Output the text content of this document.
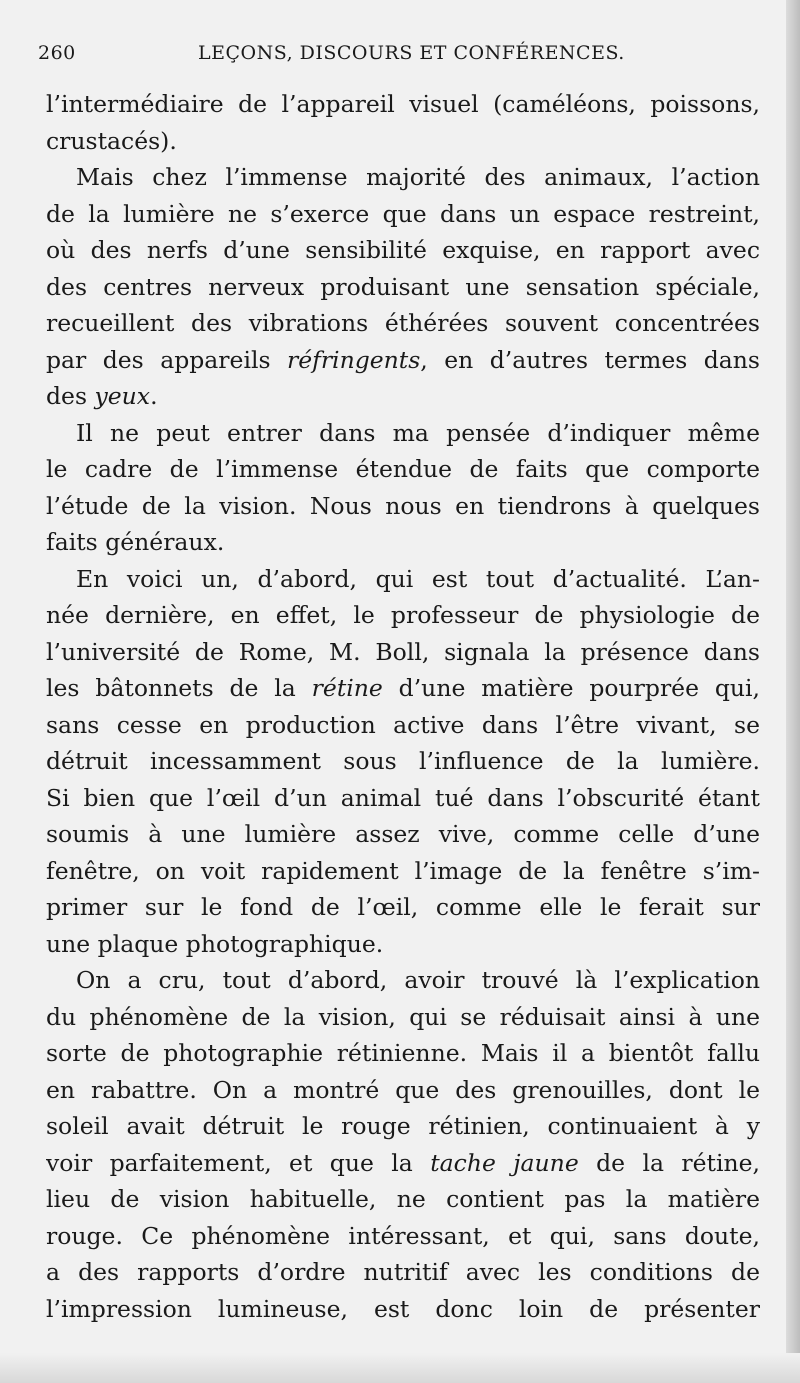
260	LEÇONS, DISCOURS ET CONFÉRENCES.
l’intermédiaire de l’appareil visuel (caméléons, poissons,
crustacés).
Mais chez l’immense majorité des animaux, l’action
de la lumière ne s’exerce que dans un espace restreint,
où des nerfs d’une sensibilité exquise, en rapport avec
des centres nerveux produisant une sensation spéciale,
recueillent des vibrations éthérées souvent concentrées
par des appareils réfringents, en d’autres termes dans
des yeux.
Il ne peut entrer dans ma pensée d’indiquer même
le cadre de l’immense étendue de faits que comporte
l’étude de la vision. Nous nous en tiendrons à quelques
faits généraux.
En voici un, d’abord, qui est tout d’actualité. L’an-
née dernière, en effet, le professeur de physiologie de
l’université de Rome, M. Boll, signala la présence dans
les bâtonnets de la rétine d’une matière pourprée qui,
sans cesse en production active dans l’être vivant, se
détruit incessamment sous l’influence de la lumière.
Si bien que l’œil d’un animal tué dans l’obscurité étant
soumis à une lumière assez vive, comme celle d’une
fenêtre, on voit rapidement l’image de la fenêtre s’im-
primer sur le fond de l’œil, comme elle le ferait sur
une plaque photographique.
On a cru, tout d’abord, avoir trouvé là l’explication
du phénomène de la vision, qui se réduisait ainsi à une
sorte de photographie rétinienne. Mais il a bientôt fallu
en rabattre. On a montré que des grenouilles, dont le
soleil avait détruit le rouge rétinien, continuaient à y
voir parfaitement, et que la tache jaune de la rétine,
lieu de vision habituelle, ne contient pas la matière
rouge. Ce phénomène intéressant, et qui, sans doute,
a des rapports d’ordre nutritif avec les conditions de
l’impression lumineuse, est donc loin de présenter
